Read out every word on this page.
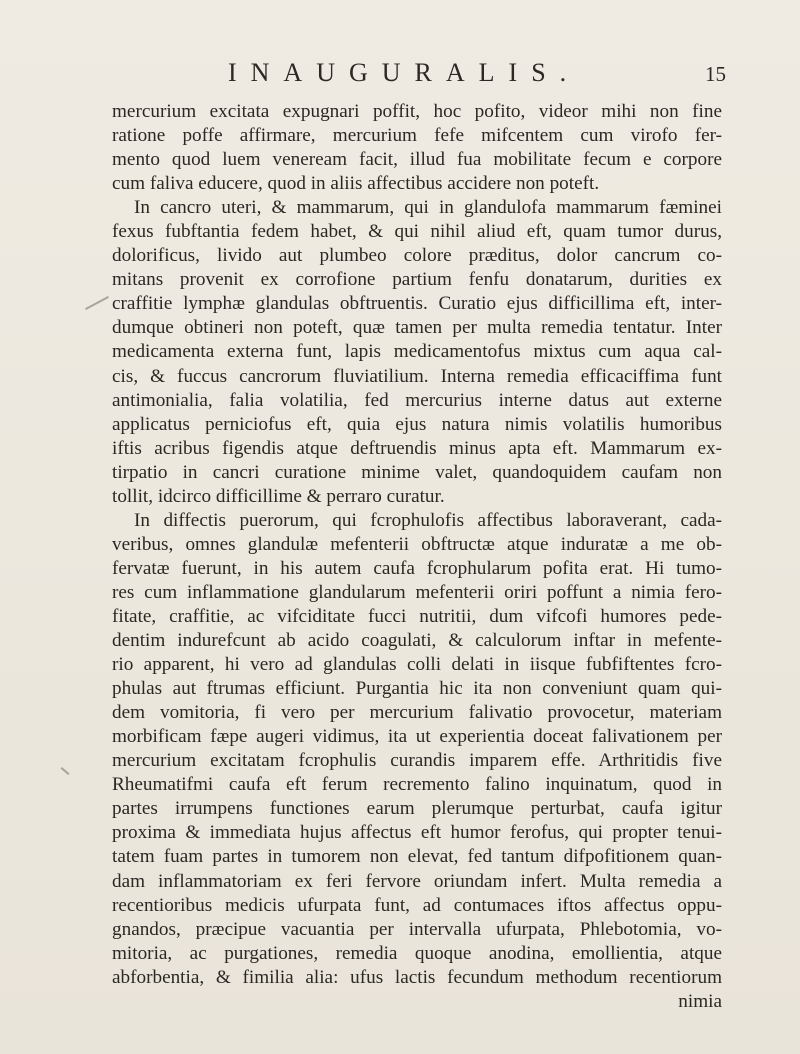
INAUGURALIS.	15
mercurium excitata expugnari poffit, hoc pofito, videor mihi non fine
ratione poffe affirmare, mercurium fefe mifcentem cum virofo fer-
mento quod luem veneream facit, illud fua mobilitate fecum e corpore
cum faliva educere, quod in aliis affectibus accidere non poteft.
In cancro uteri, & mammarum, qui in glandulofa mammarum fæminei
fexus fubftantia fedem habet, & qui nihil aliud eft, quam tumor durus,
dolorificus, livido aut plumbeo colore præditus, dolor cancrum co-
mitans provenit ex corrofione partium fenfu donatarum, durities ex
craffitie lymphæ glandulas obftruentis. Curatio ejus difficillima eft, inter-
dumque obtineri non poteft, quæ tamen per multa remedia tentatur. Inter
medicamenta externa funt, lapis medicamentofus mixtus cum aqua cal-
cis, & fuccus cancrorum fluviatilium. Interna remedia efficaciffima funt
antimonialia, falia volatilia, fed mercurius interne datus aut externe
applicatus perniciofus eft, quia ejus natura nimis volatilis humoribus
iftis acribus figendis atque deftruendis minus apta eft. Mammarum ex-
tirpatio in cancri curatione minime valet, quandoquidem caufam non
tollit, idcirco difficillime & perraro curatur.
In diffectis puerorum, qui fcrophulofis affectibus laboraverant, cada-
veribus, omnes glandulæ mefenterii obftructæ atque induratæ a me ob-
fervatæ fuerunt, in his autem caufa fcrophularum pofita erat. Hi tumo-
res cum inflammatione glandularum mefenterii oriri poffunt a nimia fero-
fitate, craffitie, ac vifciditate fucci nutritii, dum vifcofi humores pede-
dentim indurefcunt ab acido coagulati, & calculorum inftar in mefente-
rio apparent, hi vero ad glandulas colli delati in iisque fubfiftentes fcro-
phulas aut ftrumas efficiunt. Purgantia hic ita non conveniunt quam qui-
dem vomitoria, fi vero per mercurium falivatio provocetur, materiam
morbificam fæpe augeri vidimus, ita ut experientia doceat falivationem per
mercurium excitatam fcrophulis curandis imparem effe. Arthritidis five
Rheumatifmi caufa eft ferum recremento falino inquinatum, quod in
partes irrumpens functiones earum plerumque perturbat, caufa igitur
proxima & immediata hujus affectus eft humor ferofus, qui propter tenui-
tatem fuam partes in tumorem non elevat, fed tantum difpofitionem quan-
dam inflammatoriam ex feri fervore oriundam infert. Multa remedia a
recentioribus medicis ufurpata funt, ad contumaces iftos affectus oppu-
gnandos, præcipue vacuantia per intervalla ufurpata, Phlebotomia, vo-
mitoria, ac purgationes, remedia quoque anodina, emollientia, atque
abforbentia, & fimilia alia: ufus lactis fecundum methodum recentiorum
nimia
